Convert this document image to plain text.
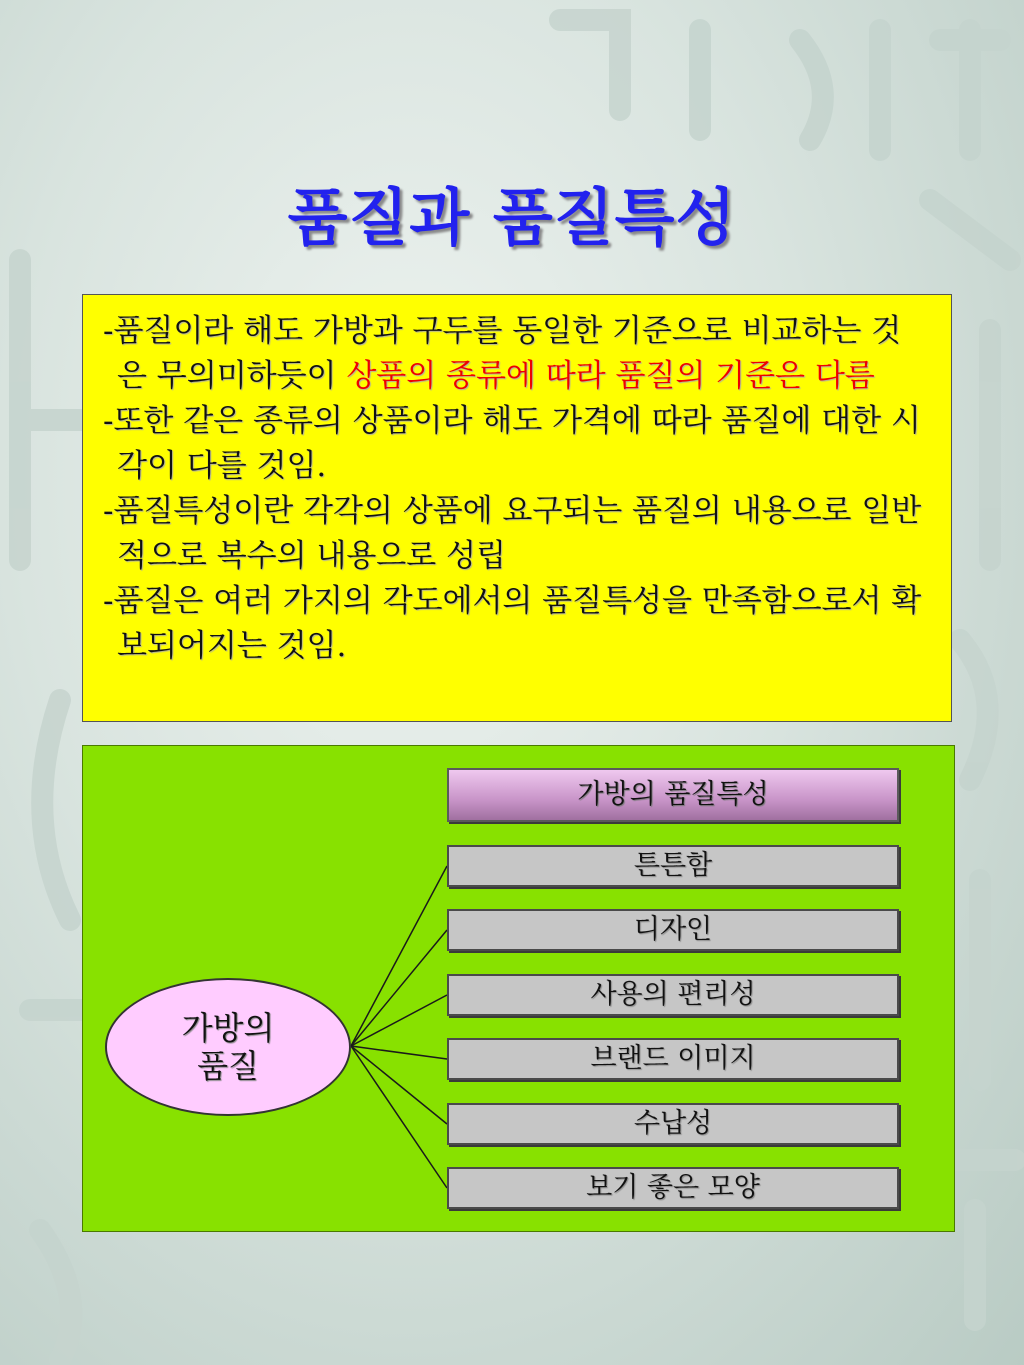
품질과 품질특성

-품질이라 해도 가방과 구두를 동일한 기준으로 비교하는 것은 무의미하듯이 상품의 종류에 따라 품질의 기준은 다름

-또한 같은 종류의 상품이라 해도 가격에 따라 품질에 대한 시각이 다를 것임.

-품질특성이란 각각의 상품에 요구되는 품질의 내용으로 일반적으로 복수의 내용으로 성립

-품질은 여러 가지의 각도에서의 품질특성을 만족함으로서 확보되어지는 것임.

가방의 품질특성
튼튼함
디자인
사용의 편리성
브랜드 이미지
수납성
보기 좋은 모양
가방의 품질
